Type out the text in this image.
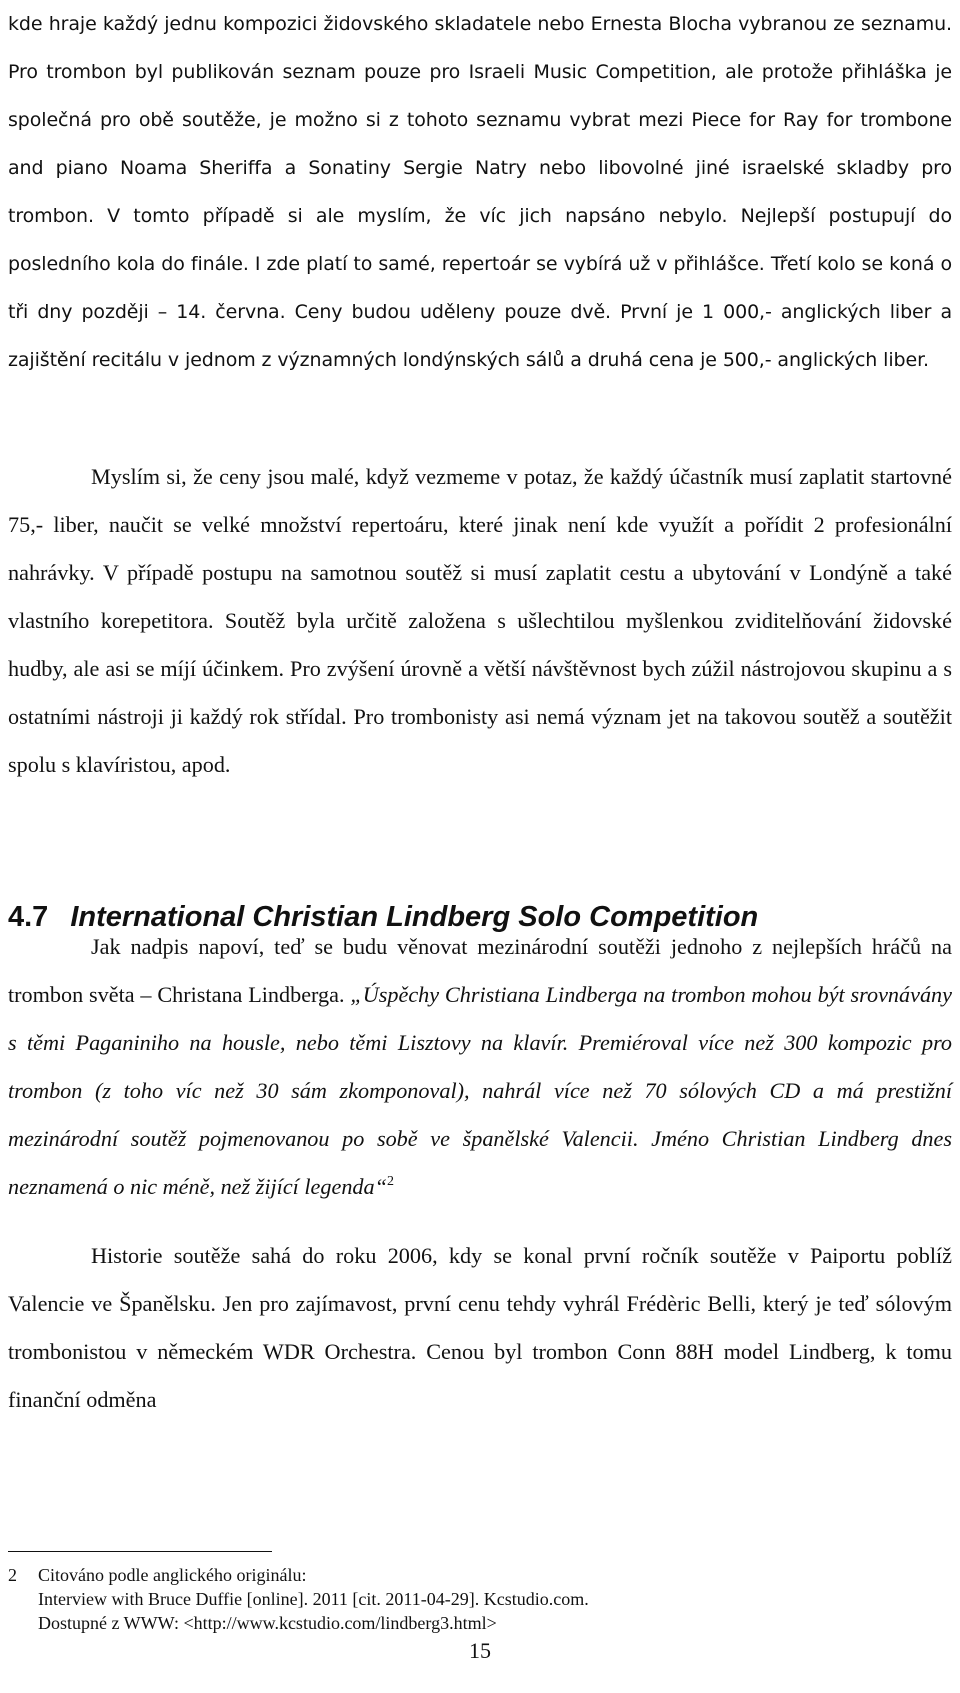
kde hraje každý jednu kompozici židovského skladatele nebo Ernesta Blocha vybranou ze seznamu. Pro trombon byl publikován seznam pouze pro Israeli Music Competition, ale protože přihláška je společná pro obě soutěže, je možno si z tohoto seznamu vybrat mezi Piece for Ray for trombone and piano Noama Sheriffa a Sonatiny Sergie Natry nebo libovolné jiné israelské skladby pro trombon. V tomto případě si ale myslím, že víc jich napsáno nebylo. Nejlepší postupují do posledního kola do finále. I zde platí to samé, repertoár se vybírá už v přihlášce. Třetí kolo se koná o tři dny později – 14. června. Ceny budou uděleny pouze dvě. První je 1 000,- anglických liber a zajištění recitálu v jednom z významných londýnských sálů a druhá cena je 500,- anglických liber.

Myslím si, že ceny jsou malé, když vezmeme v potaz, že každý účastník musí zaplatit startovné 75,- liber, naučit se velké množství repertoáru, které jinak není kde využít a pořídit 2 profesionální nahrávky. V případě postupu na samotnou soutěž si musí zaplatit cestu a ubytování v Londýně a také vlastního korepetitora. Soutěž byla určitě založena s ušlechtilou myšlenkou zviditelňování židovské hudby, ale asi se míjí účinkem. Pro zvýšení úrovně a větší návštěvnost bych zúžil nástrojovou skupinu a s ostatními nástroji ji každý rok střídal. Pro trombonisty asi nemá význam jet na takovou soutěž a soutěžit spolu s klavíristou, apod.

4.7 International Christian Lindberg Solo Competition

Jak nadpis napoví, teď se budu věnovat mezinárodní soutěži jednoho z nejlepších hráčů na trombon světa – Christana Lindberga. „Úspěchy Christiana Lindberga na trombon mohou být srovnávány s těmi Paganiniho na housle, nebo těmi Lisztovy na klavír. Premiéroval více než 300 kompozic pro trombon (z toho víc než 30 sám zkomponoval), nahrál více než 70 sólových CD a má prestižní mezinárodní soutěž pojmenovanou po sobě ve španělské Valencii. Jméno Christian Lindberg dnes neznamená o nic méně, než žijící legenda“$^2$

Historie soutěže sahá do roku 2006, kdy se konal první ročník soutěže v Paiportu poblíž Valencie ve Španělsku. Jen pro zajímavost, první cenu tehdy vyhrál Frédèric Belli, který je teď sólovým trombonistou v německém WDR Orchestra. Cenou byl trombon Conn 88H model Lindberg, k tomu finanční odměna

2 Citováno podle anglického originálu:
Interview with Bruce Duffie [online]. 2011 [cit. 2011-04-29]. Kcstudio.com.
Dostupné z WWW: <http://www.kcstudio.com/lindberg3.html>
15
